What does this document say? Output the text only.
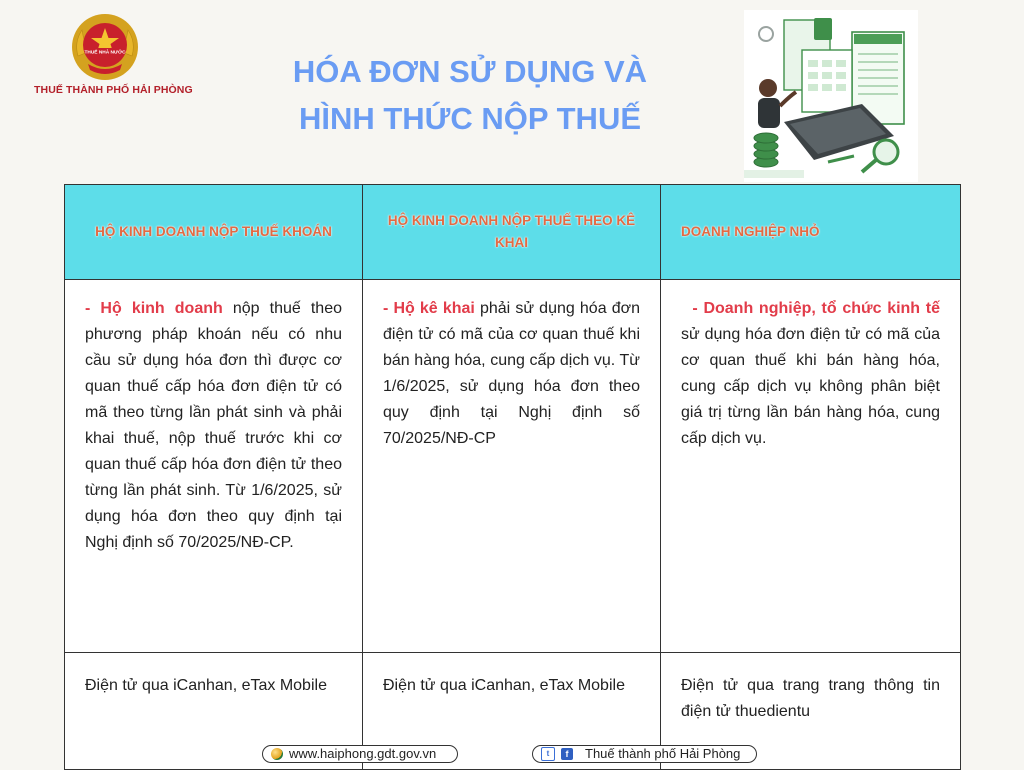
THUẾ NHÀ NƯỚC
THUẾ THÀNH PHỐ HẢI PHÒNG
HÓA ĐƠN SỬ DỤNG VÀ
HÌNH THỨC NỘP THUẾ
HỘ KINH DOANH NỘP THUẾ KHOÁN	HỘ KINH DOANH NỘP THUẾ THEO KÊ KHAI	DOANH NGHIỆP NHỎ
- Hộ kinh doanh nộp thuế theo phương pháp khoán nếu có nhu cầu sử dụng hóa đơn thì được cơ quan thuế cấp hóa đơn điện tử có mã theo từng lần phát sinh và phải khai thuế, nộp thuế trước khi cơ quan thuế cấp hóa đơn điện tử theo từng lần phát sinh. Từ 1/6/2025, sử dụng hóa đơn theo quy định tại Nghị định số 70/2025/NĐ-CP.	- Hộ kê khai phải sử dụng hóa đơn điện tử có mã của cơ quan thuế khi bán hàng hóa, cung cấp dịch vụ. Từ 1/6/2025, sử dụng hóa đơn theo quy định tại Nghị định số 70/2025/NĐ-CP	- Doanh nghiệp, tổ chức kinh tế sử dụng hóa đơn điện tử có mã của cơ quan thuế khi bán hàng hóa, cung cấp dịch vụ không phân biệt giá trị từng lần bán hàng hóa, cung cấp dịch vụ.
Điện tử qua iCanhan, eTax Mobile	Điện tử qua iCanhan, eTax Mobile	Điện tử qua trang trang thông tin điện tử thuedientu
www.haiphong.gdt.gov.vn	t	f	Thuế thành phố Hải Phòng
